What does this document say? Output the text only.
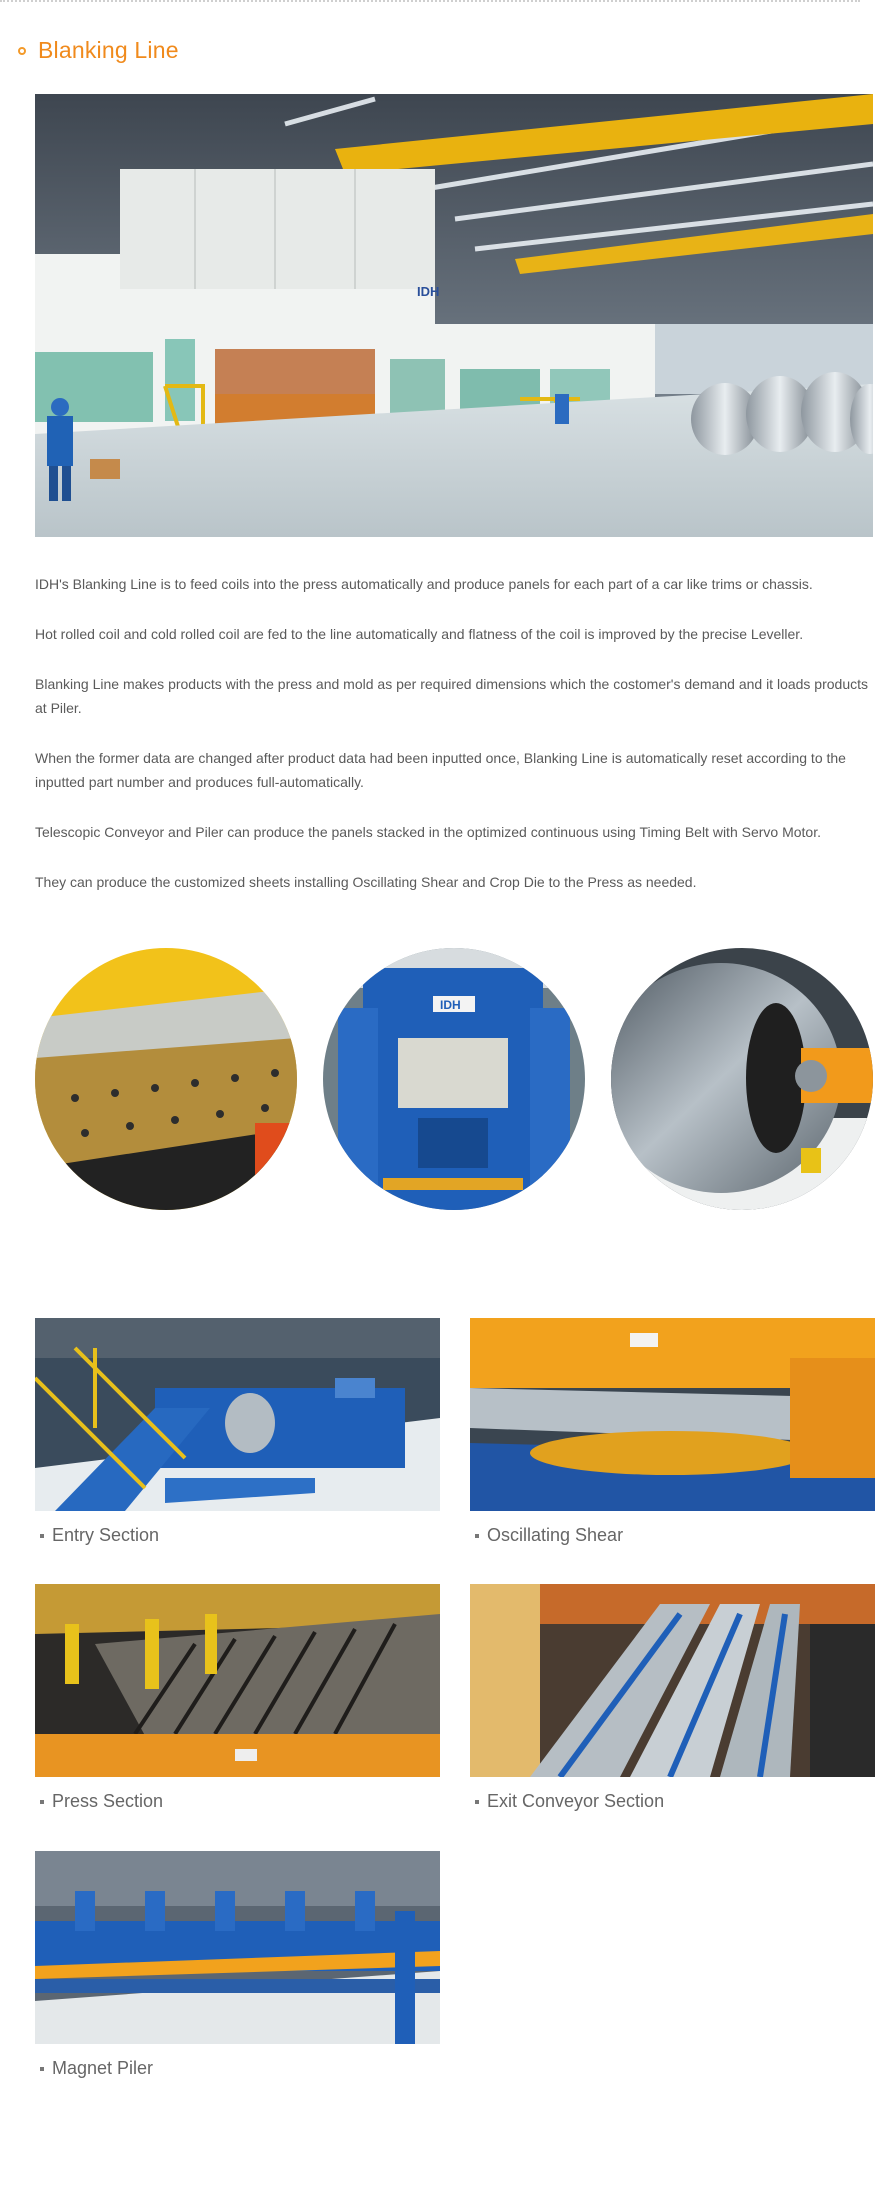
Blanking Line
IDH

IDH's Blanking Line is to feed coils into the press automatically and produce panels for each part of a car like trims or chassis.

Hot rolled coil and cold rolled coil are fed to the line automatically and flatness of the coil is improved by the precise Leveller.

Blanking Line makes products with the press and mold as per required dimensions which the costomer's demand and it loads products at Piler.

When the former data are changed after product data had been inputted once, Blanking Line is automatically reset according to the inputted part number and produces full-automatically.

Telescopic Conveyor and Piler can produce the panels stacked in the optimized continuous using Timing Belt with Servo Motor.

They can produce the customized sheets installing Oscillating Shear and Crop Die to the Press as needed.

IDH
Entry Section	Oscillating Shear
Press Section	Exit Conveyor Section
Magnet Piler
